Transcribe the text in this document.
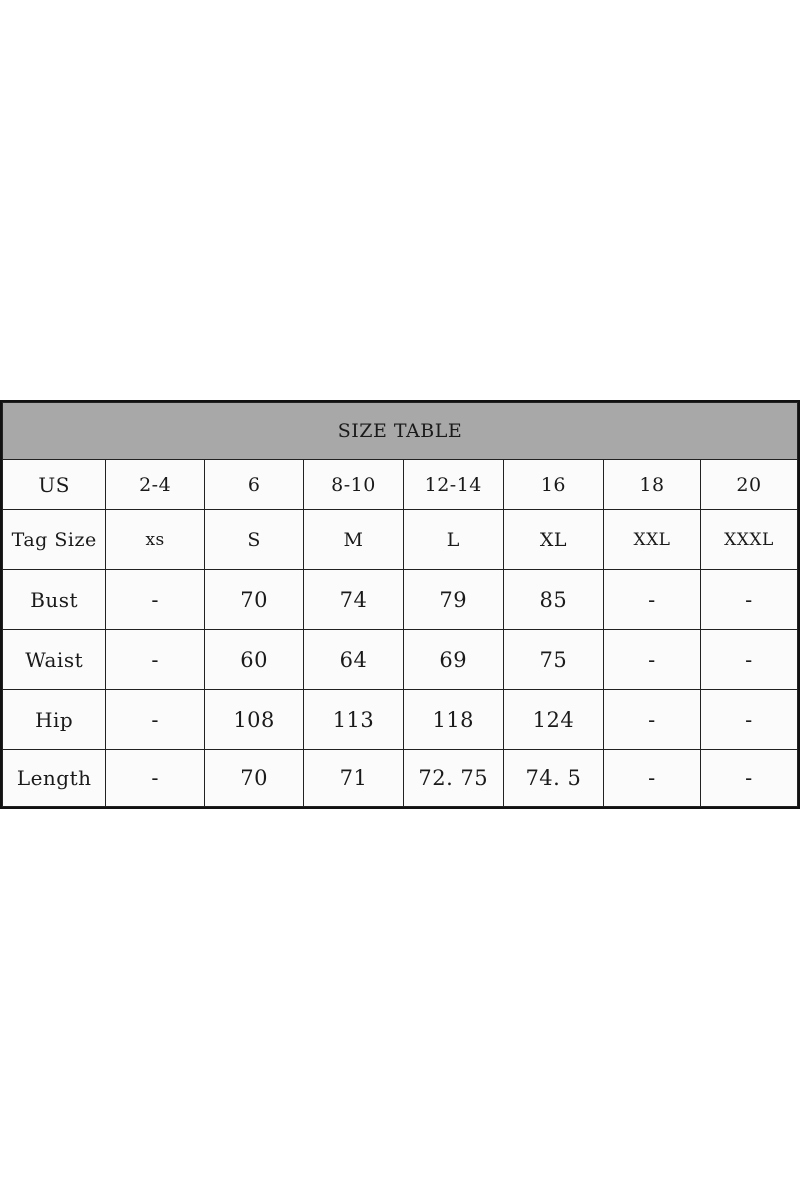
SIZE TABLE							
US	2-4	6	8-10	12-14	16	18	20
Tag Size	xs	S	M	L	XL	XXL	XXXL
Bust	-	70	74	79	85	-	-
Waist	-	60	64	69	75	-	-
Hip	-	108	113	118	124	-	-
Length	-	70	71	72. 75	74. 5	-	-
